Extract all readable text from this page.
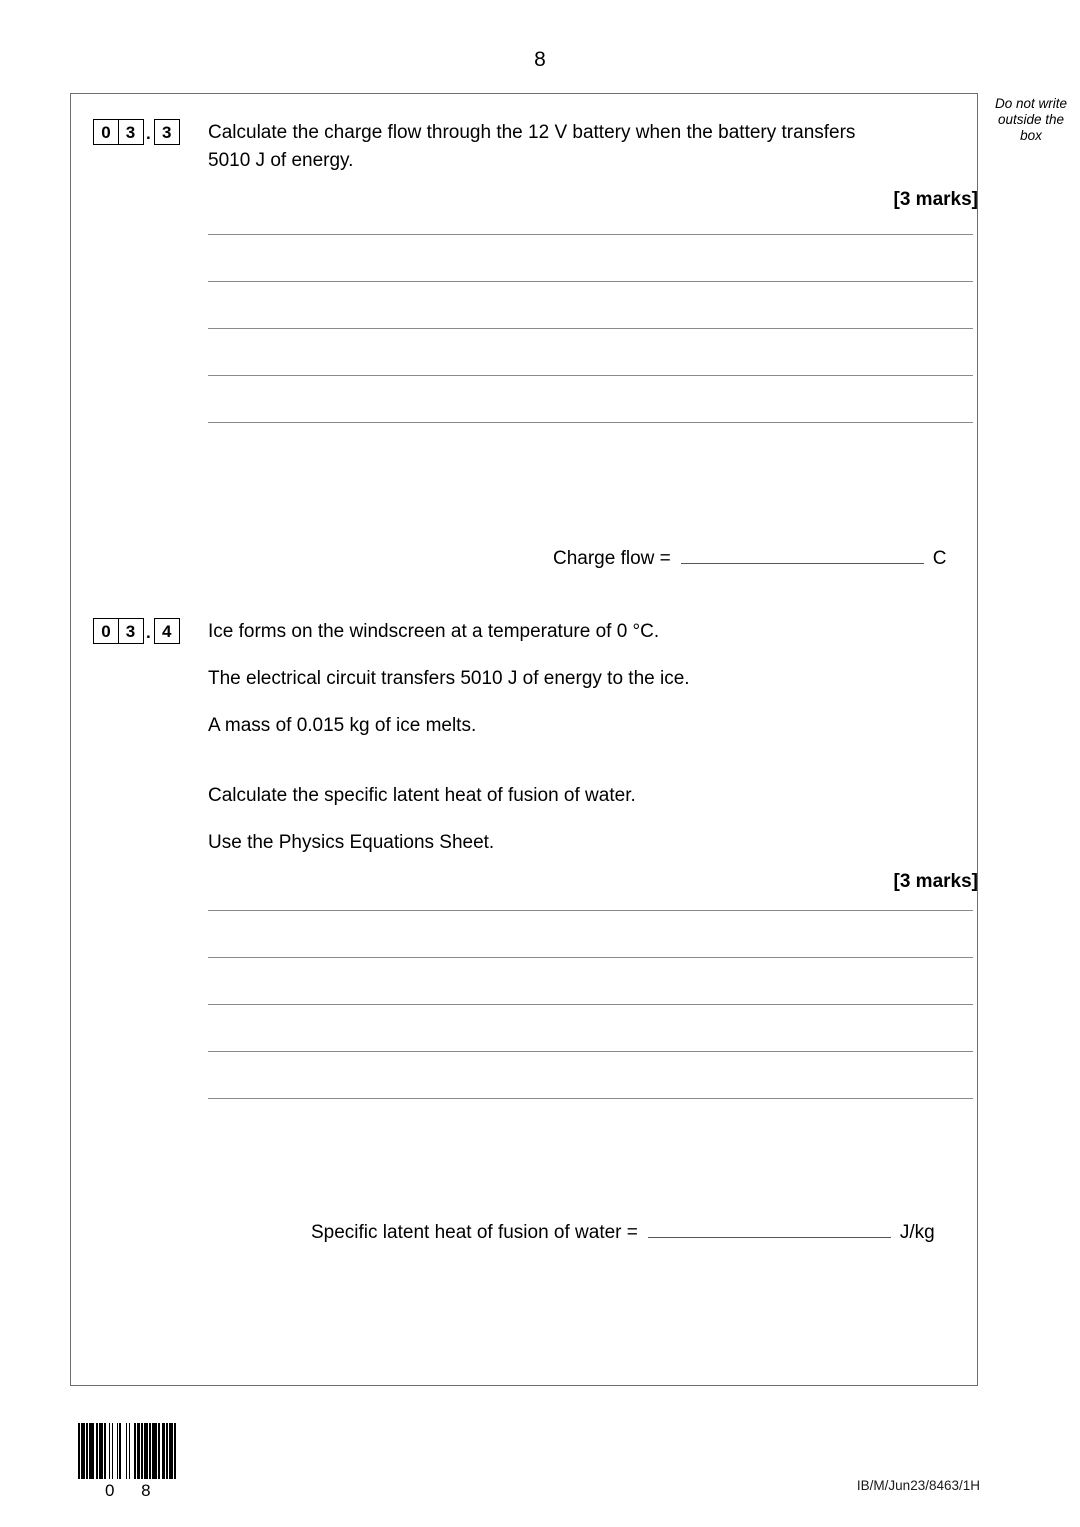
8
Do not write
outside the
box
0 3 . 3	Calculate the charge flow through the 12 V battery when the battery transfers

5010 J of energy.

[3 marks]
Charge flow =	C
0 3 . 4	Ice forms on the windscreen at a temperature of 0 °C.

The electrical circuit transfers 5010 J of energy to the ice.

A mass of 0.015 kg of ice melts.

Calculate the specific latent heat of fusion of water.

Use the Physics Equations Sheet.

[3 marks]
Specific latent heat of fusion of water =	J/kg
0 8	IB/M/Jun23/8463/1H
